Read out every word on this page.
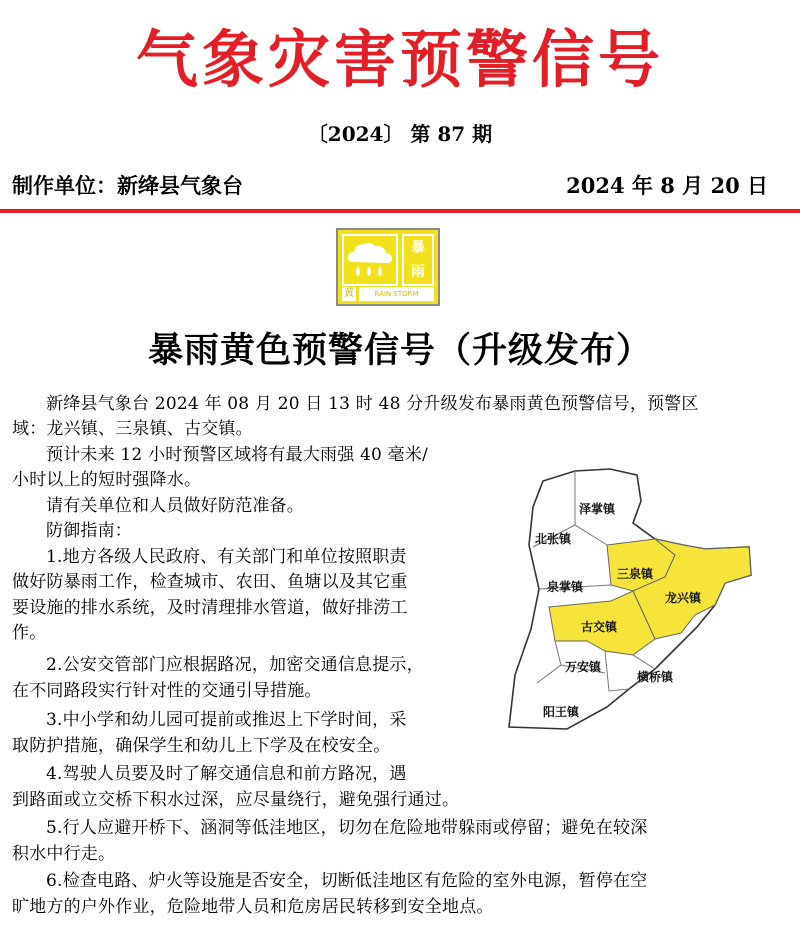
气象灾害预警信号
〔2024〕 第 87 期
制作单位：新绛县气象台	2024 年 8 月 20 日
暴
雨
黄	RAIN STORM
暴雨黄色预警信号（升级发布）
新绛县气象台 2024 年 08 月 20 日 13 时 48 分升级发布暴雨黄色预警信号，预警区
域：龙兴镇、三泉镇、古交镇。
预计未来 12 小时预警区域将有最大雨强 40 毫米/
小时以上的短时强降水。
请有关单位和人员做好防范准备。
防御指南：
1.地方各级人民政府、有关部门和单位按照职责
做好防暴雨工作，检查城市、农田、鱼塘以及其它重
要设施的排水系统，及时清理排水管道，做好排涝工
作。
2.公安交管部门应根据路况，加密交通信息提示，
在不同路段实行针对性的交通引导措施。
3.中小学和幼儿园可提前或推迟上下学时间，采
取防护措施，确保学生和幼儿上下学及在校安全。
4.驾驶人员要及时了解交通信息和前方路况，遇
到路面或立交桥下积水过深，应尽量绕行，避免强行通过。
5.行人应避开桥下、涵洞等低洼地区，切勿在危险地带躲雨或停留；避免在较深
积水中行走。
6.检查电路、炉火等设施是否安全，切断低洼地区有危险的室外电源，暂停在空
旷地方的户外作业，危险地带人员和危房居民转移到安全地点。
泽掌镇
北张镇
三泉镇
泉掌镇
龙兴镇
古交镇
万安镇
横桥镇
阳王镇
